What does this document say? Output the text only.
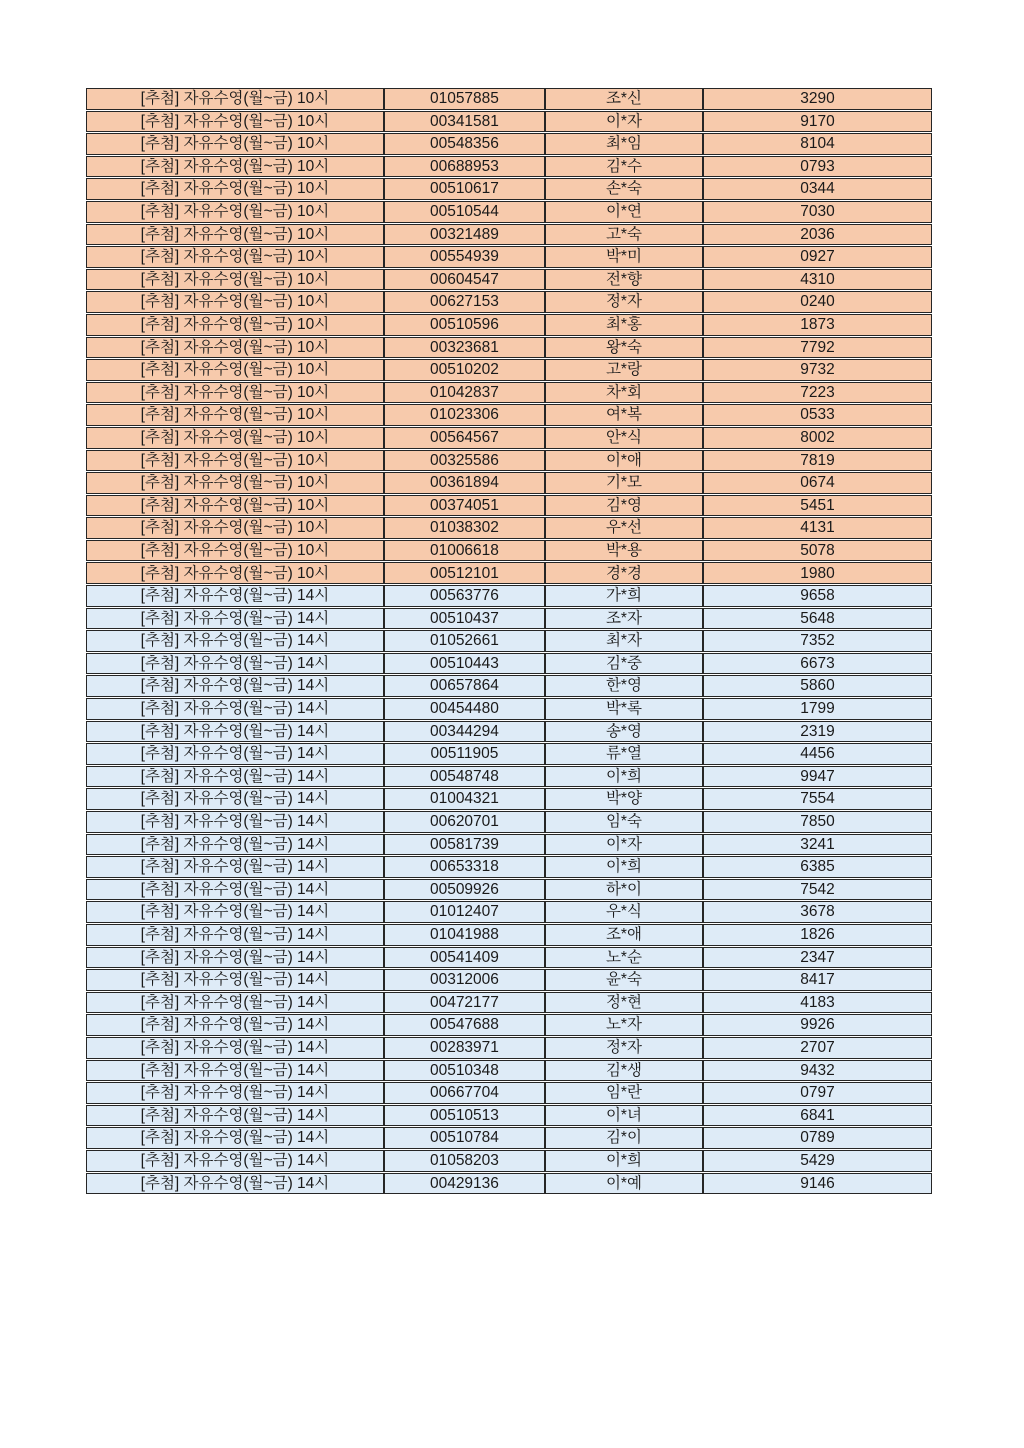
[추첨] 자유수영(월~금) 10시	01057885	조*신	3290
[추첨] 자유수영(월~금) 10시	00341581	이*자	9170
[추첨] 자유수영(월~금) 10시	00548356	최*임	8104
[추첨] 자유수영(월~금) 10시	00688953	김*수	0793
[추첨] 자유수영(월~금) 10시	00510617	손*숙	0344
[추첨] 자유수영(월~금) 10시	00510544	이*연	7030
[추첨] 자유수영(월~금) 10시	00321489	고*숙	2036
[추첨] 자유수영(월~금) 10시	00554939	박*미	0927
[추첨] 자유수영(월~금) 10시	00604547	전*향	4310
[추첨] 자유수영(월~금) 10시	00627153	정*자	0240
[추첨] 자유수영(월~금) 10시	00510596	최*홍	1873
[추첨] 자유수영(월~금) 10시	00323681	왕*숙	7792
[추첨] 자유수영(월~금) 10시	00510202	고*랑	9732
[추첨] 자유수영(월~금) 10시	01042837	차*회	7223
[추첨] 자유수영(월~금) 10시	01023306	여*복	0533
[추첨] 자유수영(월~금) 10시	00564567	안*식	8002
[추첨] 자유수영(월~금) 10시	00325586	이*애	7819
[추첨] 자유수영(월~금) 10시	00361894	기*모	0674
[추첨] 자유수영(월~금) 10시	00374051	김*영	5451
[추첨] 자유수영(월~금) 10시	01038302	우*선	4131
[추첨] 자유수영(월~금) 10시	01006618	박*용	5078
[추첨] 자유수영(월~금) 10시	00512101	경*경	1980
[추첨] 자유수영(월~금) 14시	00563776	가*희	9658
[추첨] 자유수영(월~금) 14시	00510437	조*자	5648
[추첨] 자유수영(월~금) 14시	01052661	최*자	7352
[추첨] 자유수영(월~금) 14시	00510443	김*중	6673
[추첨] 자유수영(월~금) 14시	00657864	한*영	5860
[추첨] 자유수영(월~금) 14시	00454480	박*록	1799
[추첨] 자유수영(월~금) 14시	00344294	송*영	2319
[추첨] 자유수영(월~금) 14시	00511905	류*열	4456
[추첨] 자유수영(월~금) 14시	00548748	이*희	9947
[추첨] 자유수영(월~금) 14시	01004321	박*양	7554
[추첨] 자유수영(월~금) 14시	00620701	임*숙	7850
[추첨] 자유수영(월~금) 14시	00581739	이*자	3241
[추첨] 자유수영(월~금) 14시	00653318	이*희	6385
[추첨] 자유수영(월~금) 14시	00509926	하*이	7542
[추첨] 자유수영(월~금) 14시	01012407	우*식	3678
[추첨] 자유수영(월~금) 14시	01041988	조*애	1826
[추첨] 자유수영(월~금) 14시	00541409	노*순	2347
[추첨] 자유수영(월~금) 14시	00312006	윤*숙	8417
[추첨] 자유수영(월~금) 14시	00472177	정*현	4183
[추첨] 자유수영(월~금) 14시	00547688	노*자	9926
[추첨] 자유수영(월~금) 14시	00283971	정*자	2707
[추첨] 자유수영(월~금) 14시	00510348	김*생	9432
[추첨] 자유수영(월~금) 14시	00667704	임*란	0797
[추첨] 자유수영(월~금) 14시	00510513	이*녀	6841
[추첨] 자유수영(월~금) 14시	00510784	김*이	0789
[추첨] 자유수영(월~금) 14시	01058203	이*희	5429
[추첨] 자유수영(월~금) 14시	00429136	이*예	9146
